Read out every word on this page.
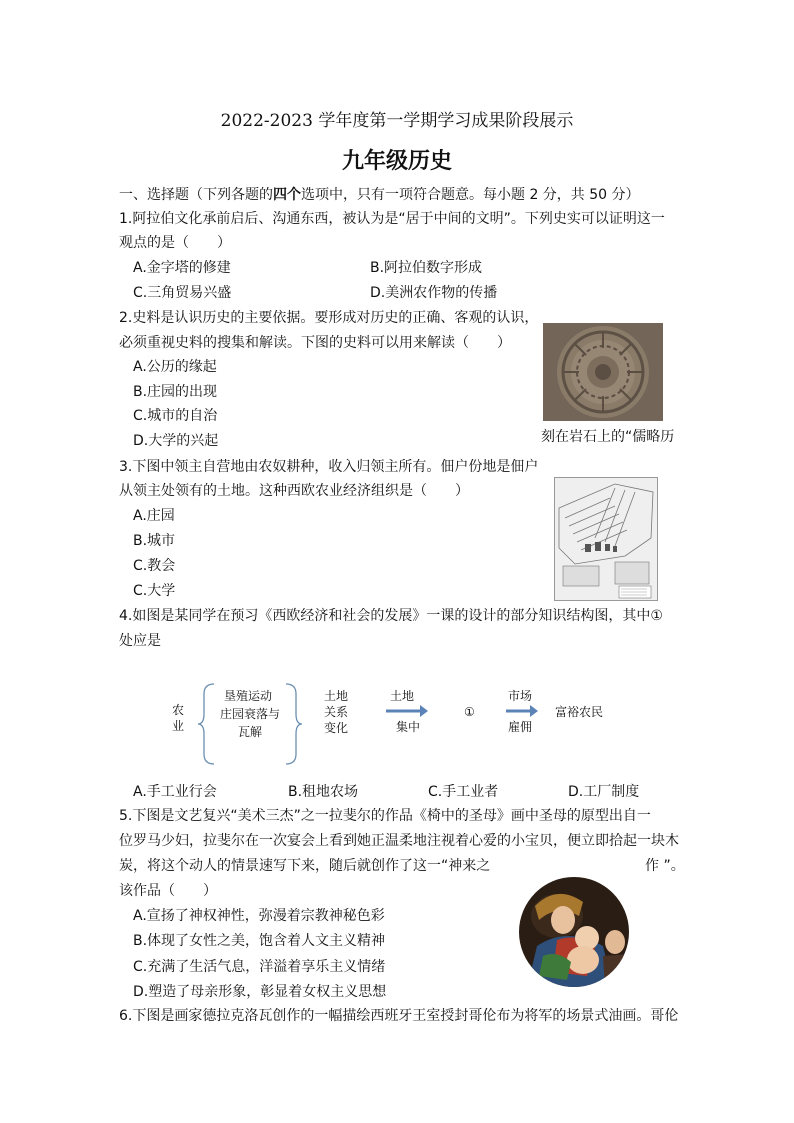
2022-2023 学年度第一学期学习成果阶段展示
九年级历史
一、选择题（下列各题的四个选项中，只有一项符合题意。每小题 2 分，共 50 分）
1.阿拉伯文化承前启后、沟通东西，被认为是“居于中间的文明”。下列史实可以证明这一
观点的是（　　）
A.金字塔的修建	B.阿拉伯数字形成
C.三角贸易兴盛	D.美洲农作物的传播
2.史料是认识历史的主要依据。要形成对历史的正确、客观的认识，
必须重视史料的搜集和解读。下图的史料可以用来解读（　　）
A.公历的缘起
B.庄园的出现
C.城市的自治
D.大学的兴起	刻在岩石上的“儒略历
3.下图中领主自营地由农奴耕种，收入归领主所有。佃户份地是佃户
从领主处领有的土地。这种西欧农业经济组织是（　　）
A.庄园
B.城市
C.教会
C.大学
4.如图是某同学在预习《西欧经济和社会的发展》一课的设计的部分知识结构图，其中①
处应是
农
业
垦殖运动
庄园衰落与
瓦解
土地
关系
变化
土地
集中
①
市场
雇佣
富裕农民
A.手工业行会	B.租地农场	C.手工业者	D.工厂制度
5.下图是文艺复兴“美术三杰”之一拉斐尔的作品《椅中的圣母》画中圣母的原型出自一
位罗马少妇，拉斐尔在一次宴会上看到她正温柔地注视着心爱的小宝贝，便立即拾起一块木
炭，将这个动人的情景速写下来，随后就创作了这一“神来之	作 ”。
该作品（　　）
A.宣扬了神权神性，弥漫着宗教神秘色彩
B.体现了女性之美，饱含着人文主义精神
C.充满了生活气息，洋溢着享乐主义情绪
D.塑造了母亲形象，彰显着女权主义思想
6.下图是画家德拉克洛瓦创作的一幅描绘西班牙王室授封哥伦布为将军的场景式油画。哥伦
